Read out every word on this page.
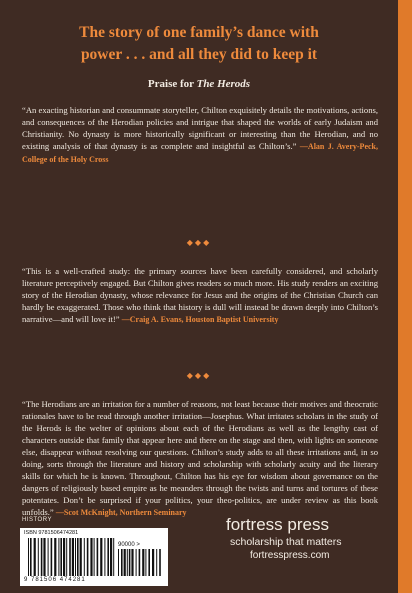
The story of one family’s dance with
power . . . and all they did to keep it
Praise for The Herods
“An exacting historian and consummate storyteller, Chilton exquisitely details the motivations, actions, and consequences of the Herodian policies and intrigue that shaped the worlds of early Judaism and Christianity. No dynasty is more historically significant or interesting than the Herodian, and no existing analysis of that dynasty is as complete and insightful as Chilton’s.” —Alan J. Avery-Peck, College of the Holy Cross
◆◆◆
“This is a well-crafted study: the primary sources have been carefully considered, and scholarly literature perceptively engaged. But Chilton gives readers so much more. His study renders an exciting story of the Herodian dynasty, whose relevance for Jesus and the origins of the Christian Church can hardly be exaggerated. Those who think that history is dull will instead be drawn deeply into Chilton’s narrative—and will love it!” —Craig A. Evans, Houston Baptist University
◆◆◆
“The Herodians are an irritation for a number of reasons, not least because their motives and theocratic rationales have to be read through another irritation—Josephus. What irritates scholars in the study of the Herods is the welter of opinions about each of the Herodians as well as the lengthy cast of characters outside that family that appear here and there on the stage and then, with lights on someone else, disappear without resolving our questions. Chilton’s study adds to all these irritations and, in so doing, sorts through the literature and history and scholarship with scholarly acuity and the literary skills for which he is known. Throughout, Chilton has his eye for wisdom about governance on the dangers of religiously based empire as he meanders through the twists and turns and tortures of these potentates. Don’t be surprised if your politics, your theo-politics, are under review as this book unfolds.” —Scot McKnight, Northern Seminary
HISTORY
ISBN 9781506474281
90000 >
9 781506 474281
fortress press
scholarship that matters
fortresspress.com
